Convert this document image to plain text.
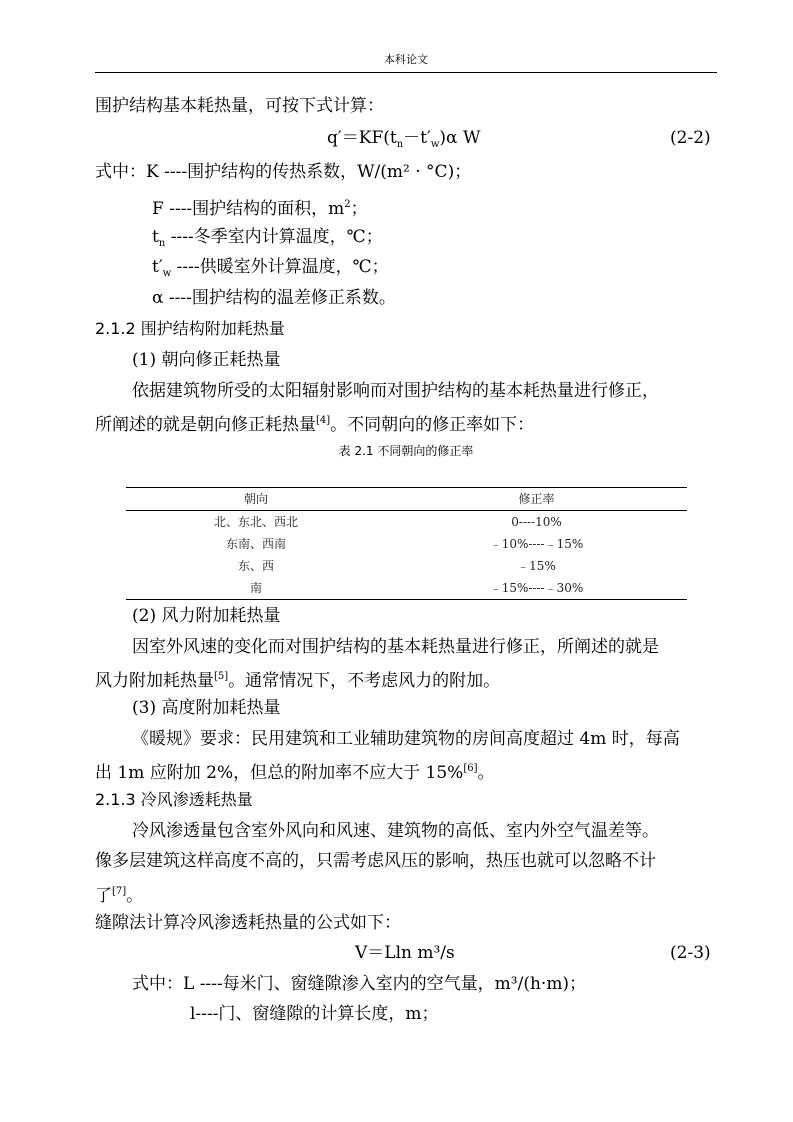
本科论文
围护结构基本耗热量，可按下式计算：
$q'=KF(t_n-t'_w)\alpha$ W	(2-2)
式中：K ----围护结构的传热系数，W/(m² · °C)；
F ----围护结构的面积，$m^2$；
$t_n$ ----冬季室内计算温度，℃；
$t'_w$ ----供暖室外计算温度，℃；
α ----围护结构的温差修正系数。
2.1.2 围护结构附加耗热量
(1) 朝向修正耗热量
依据建筑物所受的太阳辐射影响而对围护结构的基本耗热量进行修正，
所阐述的就是朝向修正耗热量[4]。不同朝向的修正率如下：
表 2.1 不同朝向的修正率
朝向	修正率
北、东北、西北	0----10%
东南、西南	﹣10%----﹣15%
东、西	﹣15%
南	﹣15%----﹣30%
(2) 风力附加耗热量
因室外风速的变化而对围护结构的基本耗热量进行修正，所阐述的就是
风力附加耗热量[5]。通常情况下，不考虑风力的附加。
(3) 高度附加耗热量
《暖规》要求：民用建筑和工业辅助建筑物的房间高度超过 4m 时，每高
出 1m 应附加 2%，但总的附加率不应大于 15%[6]。
2.1.3 冷风渗透耗热量
冷风渗透量包含室外风向和风速、建筑物的高低、室内外空气温差等。
像多层建筑这样高度不高的，只需考虑风压的影响，热压也就可以忽略不计
了[7]。
缝隙法计算冷风渗透耗热量的公式如下：
V＝Lln m³/s	(2-3)
式中：L ----每米门、窗缝隙渗入室内的空气量，m³/(h·m)；
l----门、窗缝隙的计算长度，m；
